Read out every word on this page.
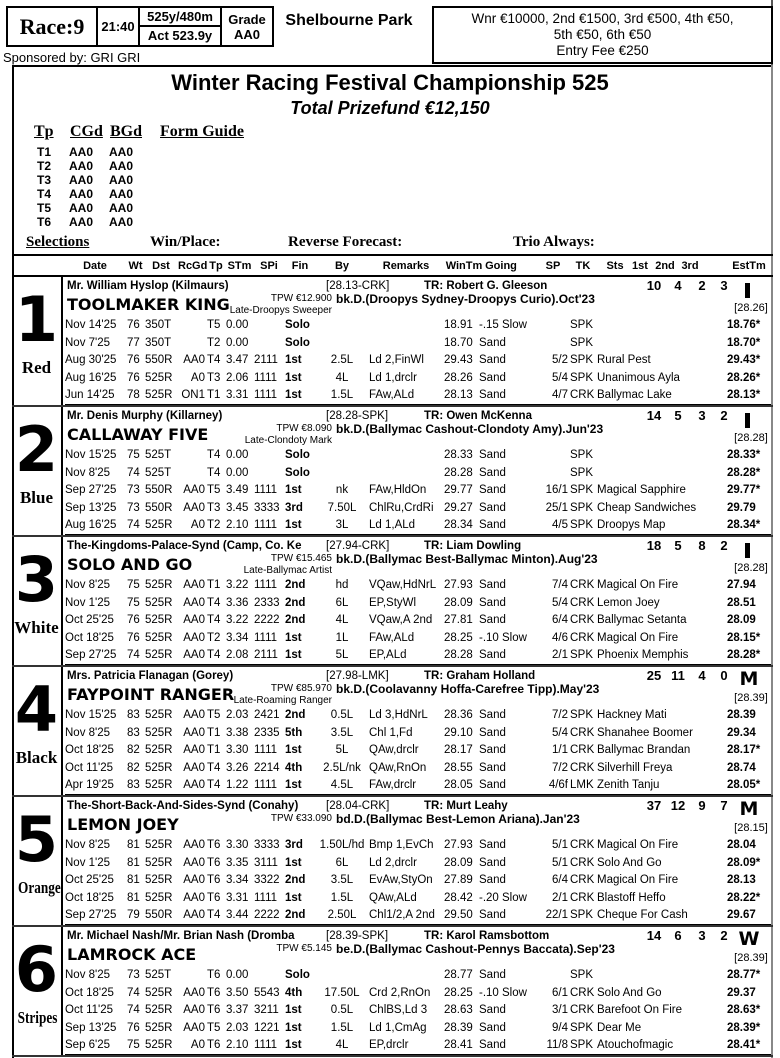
Race:9	21:40
525y/480m
Act 523.9y
Grade
AA0
Shelbourne Park	Wnr €10000, 2nd €1500, 3rd €500, 4th €50,
5th €50, 6th €50
Entry Fee €250
Sponsored by: GRI GRI
Winter Racing Festival Championship 525
Total Prizefund €12,150
Tp	CGd BGd	Form Guide
T1	AA0	AA0
T2	AA0	AA0
T3	AA0	AA0
T4	AA0	AA0
T5	AA0	AA0
T6	AA0	AA0
Selections	Win/Place:	Reverse Forecast:	Trio Always:
Date	Wt Dst RcGd Tp STm SPi	Fin	By	Remarks	WinTm Going	SP	TK	Sts 1st 2nd 3rd	EstTm
1
Red
Mr. William Hyslop (Kilmaurs)	[28.13-CRK]	TR: Robert G. Gleeson	10	4	2	3
[28.26]
TOOLMAKER KING	TPW €12.900 bk.D.(Droopys Sydney-Droopys Curio).Oct'23
Late-Droopys Sweeper
Nov 14'25 76 350T	T5 0.00	Solo	18.91 -.15 Slow	SPK	18.76*
Nov 7'25	77 350T	T2 0.00	Solo	18.70 Sand	SPK	18.70*
Aug 30'25 76 550R AA0 T4 3.47 2111 1st	2.5L	Ld 2,FinWl	29.43 Sand	5/2 SPK Rural Pest	29.43*
Aug 16'25 76 525R	A0 T3 2.06 1111 1st	4L	Ld 1,drclr	28.26 Sand	5/4 SPK Unanimous Ayla	28.26*
Jun 14'25	78 525R ON1 T1 3.31 1111 1st	1.5L	FAw,ALd	28.13 Sand	4/7 CRK Ballymac Lake	28.13*
2
Blue
Mr. Denis Murphy (Killarney)	[28.28-SPK]	TR: Owen McKenna	14	5	3	2
[28.28]
CALLAWAY FIVE	TPW €8.090 bk.D.(Ballymac Cashout-Clondoty Amy).Jun'23
Late-Clondoty Mark
Nov 15'25 75 525T	T4 0.00	Solo	28.33 Sand	SPK	28.33*
Nov 8'25	74 525T	T4 0.00	Solo	28.28 Sand	SPK	28.28*
Sep 27'25 73 550R AA0 T5 3.49 1111 1st	nk	FAw,HldOn	29.77 Sand	16/1 SPK Magical Sapphire	29.77*
Sep 13'25 73 550R AA0 T3 3.45 3333 3rd	7.50L	ChlRu,CrdRi 29.27 Sand	25/1 SPK Cheap Sandwiches	29.79
Aug 16'25 74 525R	A0 T2 2.10 1111 1st	3L	Ld 1,ALd	28.34 Sand	4/5 SPK Droopys Map	28.34*
3
White
The-Kingdoms-Palace-Synd (Camp, Co. Ke	[27.94-CRK]	TR: Liam Dowling	18	5	8	2
[28.28]
SOLO AND GO	TPW €15.465 bk.D.(Ballymac Best-Ballymac Minton).Aug'23
Late-Ballymac Artist
Nov 8'25	75 525R AA0 T1 3.22 1111 2nd	hd	VQaw,HdNrL 27.93 Sand	7/4 CRK Magical On Fire	27.94
Nov 1'25	75 525R AA0 T4 3.36 2333 2nd	6L	EP,StyWl	28.09 Sand	5/4 CRK Lemon Joey	28.51
Oct 25'25	76 525R AA0 T4 3.22 2222 2nd	4L	VQaw,A 2nd	27.81 Sand	6/4 CRK Ballymac Setanta	28.09
Oct 18'25	76 525R AA0 T2 3.34 1111 1st	1L	FAw,ALd	28.25 -.10 Slow	4/6 CRK Magical On Fire	28.15*
Sep 27'25 74 525R AA0 T4 2.08 2111 1st	5L	EP,ALd	28.28 Sand	2/1 SPK Phoenix Memphis	28.28*
4
Black
Mrs. Patricia Flanagan (Gorey)	[27.98-LMK]	TR: Graham Holland	25 11	4	0 M
[28.39]
FAYPOINT RANGER	TPW €85.970 bk.D.(Coolavanny Hoffa-Carefree Tipp).May'23
Late-Roaming Ranger
Nov 15'25 83 525R AA0 T5 2.03 2421 2nd	0.5L	Ld 3,HdNrL	28.36 Sand	7/2 SPK Hackney Mati	28.39
Nov 8'25	83 525R AA0 T1 3.38 2335 5th	3.5L	Chl 1,Fd	29.10 Sand	5/4 CRK Shanahee Boomer	29.34
Oct 18'25	82 525R AA0 T1 3.30 1111 1st	5L	QAw,drclr	28.17 Sand	1/1 CRK Ballymac Brandan	28.17*
Oct 11'25	82 525R AA0 T4 3.26 2214 4th	2.5L/nk QAw,RnOn	28.55 Sand	7/2 CRK Silverhill Freya	28.74
Apr 19'25	83 525R AA0 T4 1.22 1111 1st	4.5L	FAw,drclr	28.05 Sand	4/6f LMK Zenith Tanju	28.05*
5
Orange
The-Short-Back-And-Sides-Synd (Conahy)	[28.04-CRK]	TR: Murt Leahy	37 12	9	7 M
[28.15]
LEMON JOEY	TPW €33.090 bd.D.(Ballymac Best-Lemon Ariana).Jan'23
Nov 8'25	81 525R AA0 T6 3.30 3333 3rd	1.50L/hd Bmp 1,EvCh 27.93 Sand	5/1 CRK Magical On Fire	28.04
Nov 1'25	81 525R AA0 T6 3.35 3111 1st	6L	Ld 2,drclr	28.09 Sand	5/1 CRK Solo And Go	28.09*
Oct 25'25	81 525R AA0 T6 3.34 3322 2nd	3.5L	EvAw,StyOn 27.89 Sand	6/4 CRK Magical On Fire	28.13
Oct 18'25	81 525R AA0 T6 3.31 1111 1st	1.5L	QAw,ALd	28.42 -.20 Slow	2/1 CRK Blastoff Heffo	28.22*
Sep 27'25 79 550R AA0 T4 3.44 2222 2nd	2.50L	Chl1/2,A 2nd 29.50 Sand	22/1 SPK Cheque For Cash	29.67
6
Stripes
Mr. Michael Nash/Mr. Brian Nash (Dromba	[28.39-SPK]	TR: Karol Ramsbottom	14	6	3	2 W
[28.39]
LAMROCK ACE	TPW €5.145 be.D.(Ballymac Cashout-Pennys Baccata).Sep'23
Nov 8'25	73 525T	T6 0.00	Solo	28.77 Sand	SPK	28.77*
Oct 18'25	74 525R AA0 T6 3.50 5543 4th	17.50L Crd 2,RnOn	28.25 -.10 Slow	6/1 CRK Solo And Go	29.37
Oct 11'25	74 525R AA0 T6 3.37 3211 1st	0.5L	ChlBS,Ld 3	28.63 Sand	3/1 CRK Barefoot On Fire	28.63*
Sep 13'25 76 525R AA0 T5 2.03 1221 1st	1.5L	Ld 1,CmAg	28.39 Sand	9/4 SPK Dear Me	28.39*
Sep 6'25	75 525R	A0 T6 2.10 1111 1st	4L	EP,drclr	28.41 Sand	11/8 SPK Atouchofmagic	28.41*
